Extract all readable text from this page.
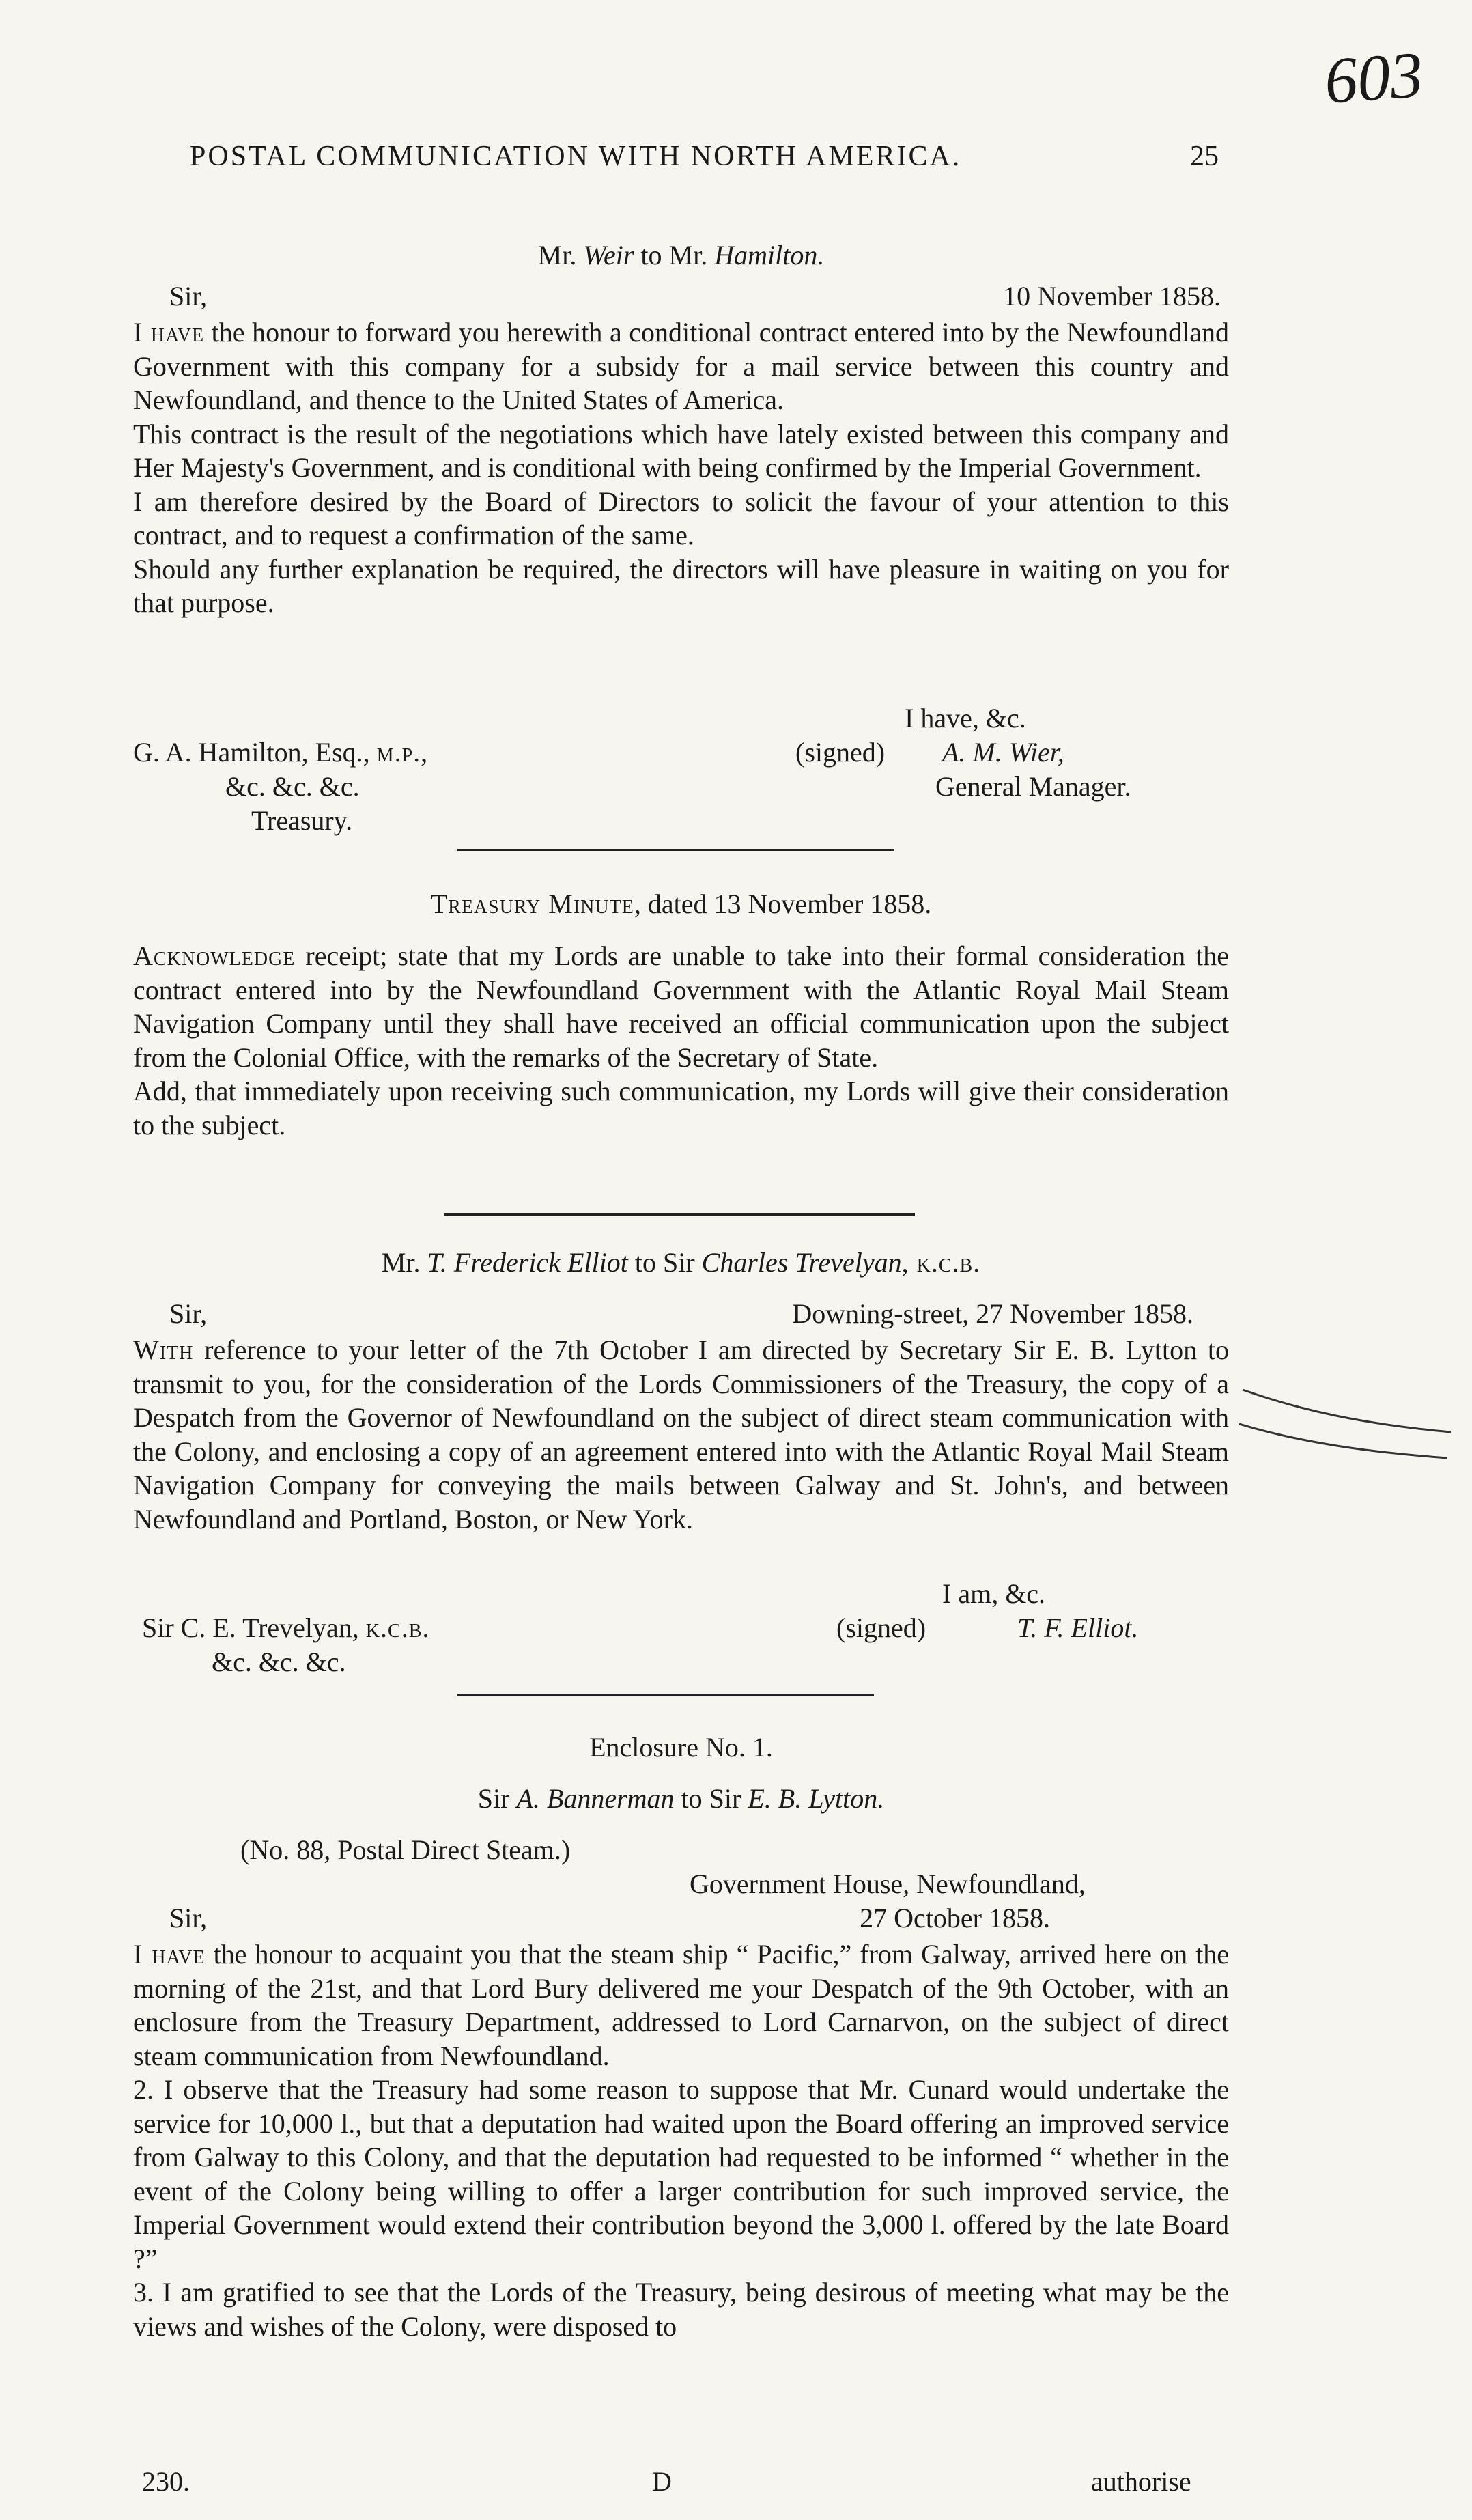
603
POSTAL COMMUNICATION WITH NORTH AMERICA.	25
Mr. Weir to Mr. Hamilton.
Sir,	10 November 1858.

I have the honour to forward you herewith a conditional contract entered into by the Newfoundland Government with this company for a subsidy for a mail service between this country and Newfoundland, and thence to the United States of America.

This contract is the result of the negotiations which have lately existed between this company and Her Majesty's Government, and is conditional with being confirmed by the Imperial Government.

I am therefore desired by the Board of Directors to solicit the favour of your attention to this contract, and to request a confirmation of the same.

Should any further explanation be required, the directors will have pleasure in waiting on you for that purpose.

I have, &c.
(signed) A. M. Wier,
General Manager.
G. A. Hamilton, Esq., m.p.,
&c. &c. &c.
Treasury.
Treasury Minute, dated 13 November 1858.

Acknowledge receipt; state that my Lords are unable to take into their formal consideration the contract entered into by the Newfoundland Government with the Atlantic Royal Mail Steam Navigation Company until they shall have received an official communication upon the subject from the Colonial Office, with the remarks of the Secretary of State.

Add, that immediately upon receiving such communication, my Lords will give their consideration to the subject.

Mr. T. Frederick Elliot to Sir Charles Trevelyan, k.c.b.
Sir,	Downing-street, 27 November 1858.

With reference to your letter of the 7th October I am directed by Secretary Sir E. B. Lytton to transmit to you, for the consideration of the Lords Commissioners of the Treasury, the copy of a Despatch from the Governor of Newfoundland on the subject of direct steam communication with the Colony, and enclosing a copy of an agreement entered into with the Atlantic Royal Mail Steam Navigation Company for conveying the mails between Galway and St. John's, and between Newfoundland and Portland, Boston, or New York.

I am, &c.
(signed)	T. F. Elliot.
Sir C. E. Trevelyan, k.c.b.
&c. &c. &c.
Enclosure No. 1.
Sir A. Bannerman to Sir E. B. Lytton.
(No. 88, Postal Direct Steam.)
Government House, Newfoundland,
Sir,	27 October 1858.

I have the honour to acquaint you that the steam ship “ Pacific,” from Galway, arrived here on the morning of the 21st, and that Lord Bury delivered me your Despatch of the 9th October, with an enclosure from the Treasury Department, addressed to Lord Carnarvon, on the subject of direct steam communication from Newfoundland.

2. I observe that the Treasury had some reason to suppose that Mr. Cunard would undertake the service for 10,000 l., but that a deputation had waited upon the Board offering an improved service from Galway to this Colony, and that the deputation had requested to be informed “ whether in the event of the Colony being willing to offer a larger contribution for such improved service, the Imperial Government would extend their contribution beyond the 3,000 l. offered by the late Board ?”

3. I am gratified to see that the Lords of the Treasury, being desirous of meeting what may be the views and wishes of the Colony, were disposed to

230.	D	authorise
